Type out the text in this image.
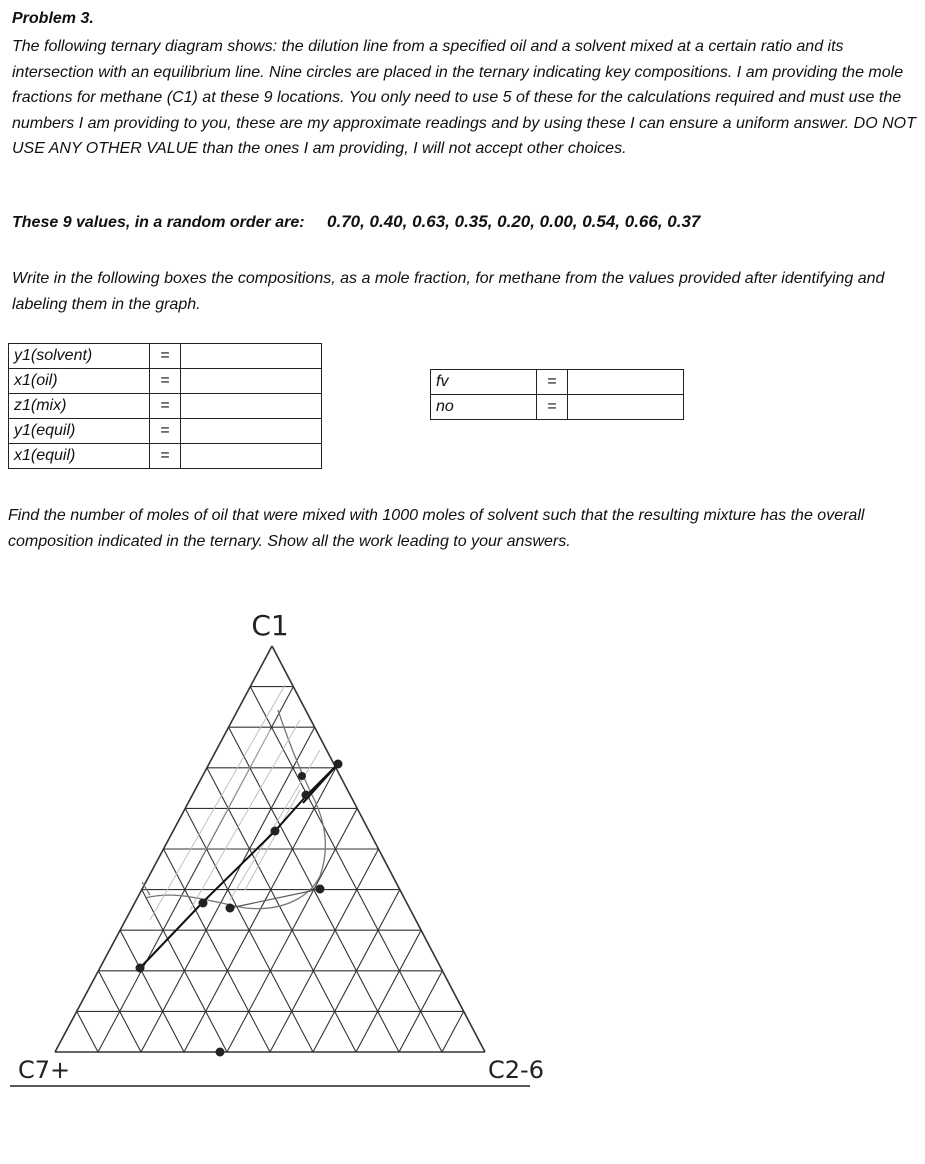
Problem 3.
The following ternary diagram shows: the dilution line from a specified oil and a solvent mixed at a certain ratio and its intersection with an equilibrium line. Nine circles are placed in the ternary indicating key compositions. I am providing the mole fractions for methane (C1) at these 9 locations. You only need to use 5 of these for the calculations required and must use the numbers I am providing to you, these are my approximate readings and by using these I can ensure a uniform answer. DO NOT USE ANY OTHER VALUE than the ones I am providing, I will not accept other choices.
These 9 values, in a random order are: 0.70, 0.40, 0.63, 0.35, 0.20, 0.00, 0.54, 0.66, 0.37
Write in the following boxes the compositions, as a mole fraction, for methane from the values provided after identifying and labeling them in the graph.
y1(solvent)	=	
x1(oil)	=	
z1(mix)	=	
y1(equil)	=	
x1(equil)	=	
fv	=	
no	=	
Find the number of moles of oil that were mixed with 1000 moles of solvent such that the resulting mixture has the overall composition indicated in the ternary. Show all the work leading to your answers.
C1
C7+	C2-6
